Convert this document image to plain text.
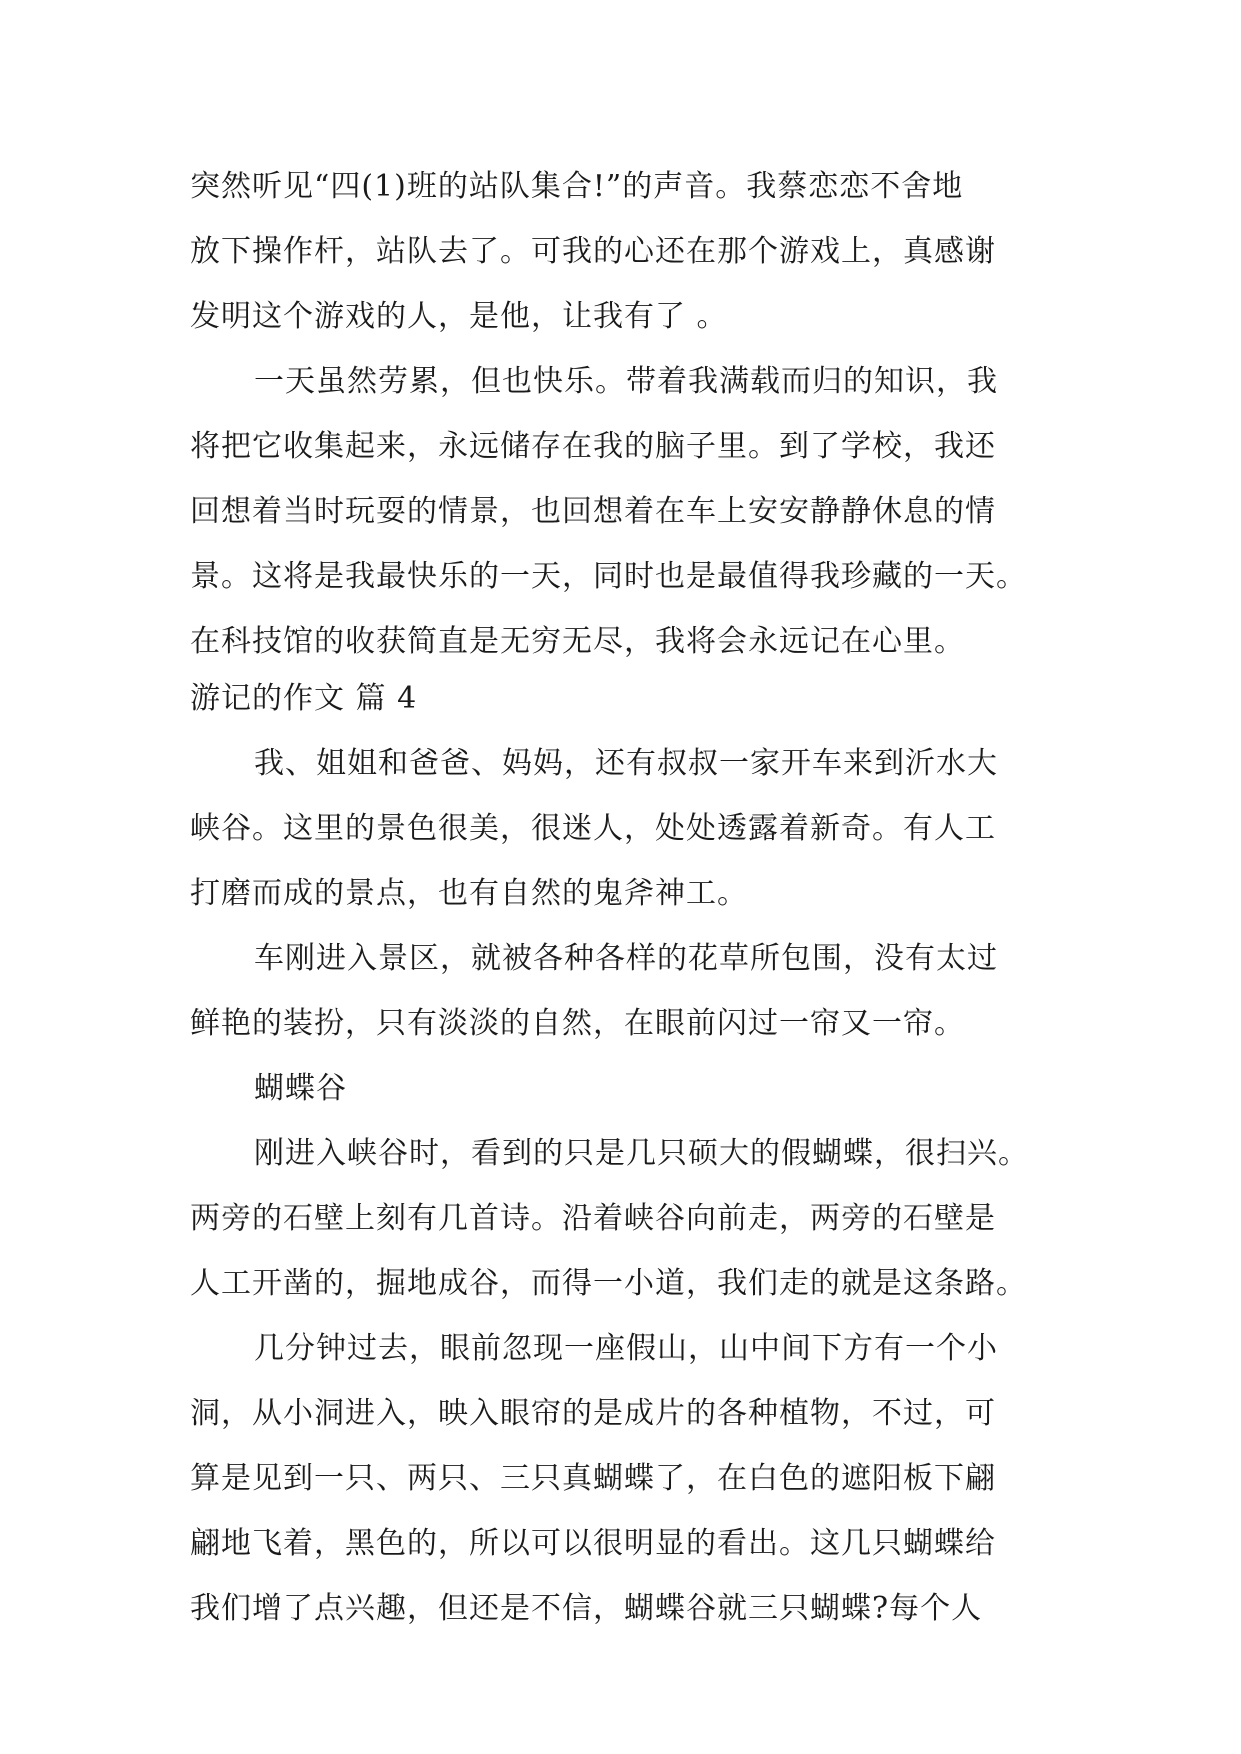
突然听见“四(1)班的站队集合!”的声音。我蔡恋恋不舍地
放下操作杆，站队去了。可我的心还在那个游戏上，真感谢
发明这个游戏的人，是他，让我有了 。
一天虽然劳累，但也快乐。带着我满载而归的知识，我
将把它收集起来，永远储存在我的脑子里。到了学校，我还
回想着当时玩耍的情景，也回想着在车上安安静静休息的情
景。这将是我最快乐的一天，同时也是最值得我珍藏的一天。
在科技馆的收获简直是无穷无尽，我将会永远记在心里。
游记的作文 篇 4
我、姐姐和爸爸、妈妈，还有叔叔一家开车来到沂水大
峡谷。这里的景色很美，很迷人，处处透露着新奇。有人工
打磨而成的景点，也有自然的鬼斧神工。
车刚进入景区，就被各种各样的花草所包围，没有太过
鲜艳的装扮，只有淡淡的自然，在眼前闪过一帘又一帘。
蝴蝶谷
刚进入峡谷时，看到的只是几只硕大的假蝴蝶，很扫兴。
两旁的石壁上刻有几首诗。沿着峡谷向前走，两旁的石壁是
人工开凿的，掘地成谷，而得一小道，我们走的就是这条路。
几分钟过去，眼前忽现一座假山，山中间下方有一个小
洞，从小洞进入，映入眼帘的是成片的各种植物，不过，可
算是见到一只、两只、三只真蝴蝶了，在白色的遮阳板下翩
翩地飞着，黑色的，所以可以很明显的看出。这几只蝴蝶给
我们增了点兴趣，但还是不信，蝴蝶谷就三只蝴蝶?每个人
